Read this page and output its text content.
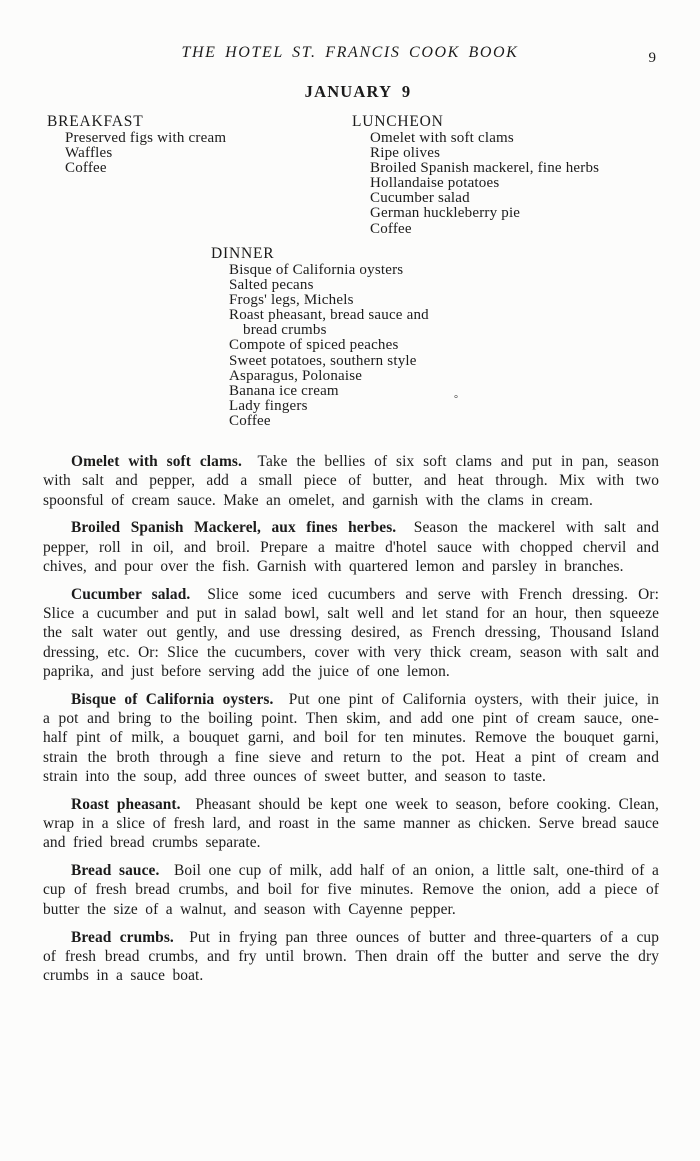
THE HOTEL ST. FRANCIS COOK BOOK	9
JANUARY 9
BREAKFAST
Preserved figs with cream
Waffles
Coffee
LUNCHEON
Omelet with soft clams
Ripe olives
Broiled Spanish mackerel, fine herbs
Hollandaise potatoes
Cucumber salad
German huckleberry pie
Coffee
DINNER
Bisque of California oysters
Salted pecans
Frogs' legs, Michels
Roast pheasant, bread sauce and
bread crumbs
Compote of spiced peaches
Sweet potatoes, southern style
Asparagus, Polonaise
Banana ice cream
Lady fingers
Coffee
°

Omelet with soft clams. Take the bellies of six soft clams and put in pan, season with salt and pepper, add a small piece of butter, and heat through. Mix with two spoonsful of cream sauce. Make an omelet, and garnish with the clams in cream.

Broiled Spanish Mackerel, aux fines herbes. Season the mackerel with salt and pepper, roll in oil, and broil. Prepare a maitre d'hotel sauce with chopped chervil and chives, and pour over the fish. Garnish with quartered lemon and parsley in branches.

Cucumber salad. Slice some iced cucumbers and serve with French dressing. Or: Slice a cucumber and put in salad bowl, salt well and let stand for an hour, then squeeze the salt water out gently, and use dressing desired, as French dressing, Thousand Island dressing, etc. Or: Slice the cucumbers, cover with very thick cream, season with salt and paprika, and just before serving add the juice of one lemon.

Bisque of California oysters. Put one pint of California oysters, with their juice, in a pot and bring to the boiling point. Then skim, and add one pint of cream sauce, one-half pint of milk, a bouquet garni, and boil for ten minutes. Remove the bouquet garni, strain the broth through a fine sieve and return to the pot. Heat a pint of cream and strain into the soup, add three ounces of sweet butter, and season to taste.

Roast pheasant. Pheasant should be kept one week to season, before cooking. Clean, wrap in a slice of fresh lard, and roast in the same manner as chicken. Serve bread sauce and fried bread crumbs separate.

Bread sauce. Boil one cup of milk, add half of an onion, a little salt, one-third of a cup of fresh bread crumbs, and boil for five minutes. Remove the onion, add a piece of butter the size of a walnut, and season with Cayenne pepper.

Bread crumbs. Put in frying pan three ounces of butter and three-quarters of a cup of fresh bread crumbs, and fry until brown. Then drain off the butter and serve the dry crumbs in a sauce boat.
